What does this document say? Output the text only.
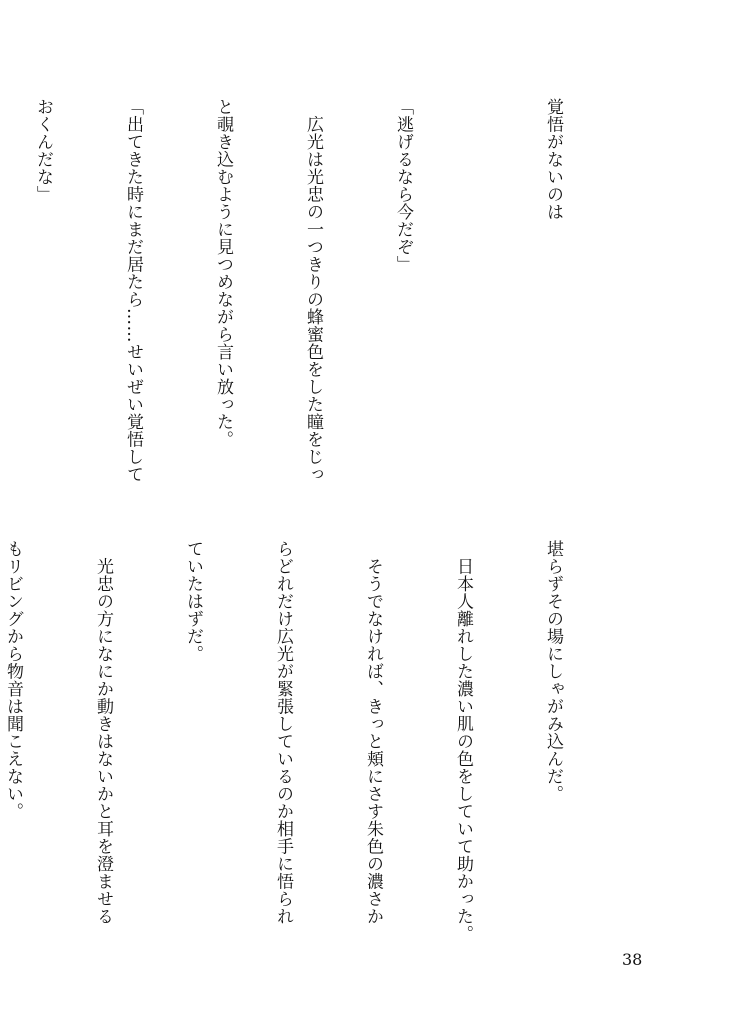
覚悟がないのは

「逃げるなら今だぞ」

　広光は光忠の一つきりの蜂蜜色をした瞳をじっ

と覗き込むように見つめながら言い放った。

「出てきた時にまだ居たら……せいぜい覚悟して

おくんだな」

堪らずその場にしゃがみ込んだ。

　日本人離れした濃い肌の色をしていて助かった。

　そうでなければ、きっと頬にさす朱色の濃さか

らどれだけ広光が緊張しているのか相手に悟られ

ていたはずだ。

　光忠の方になにか動きはないかと耳を澄ませる

もリビングから物音は聞こえない。

38
